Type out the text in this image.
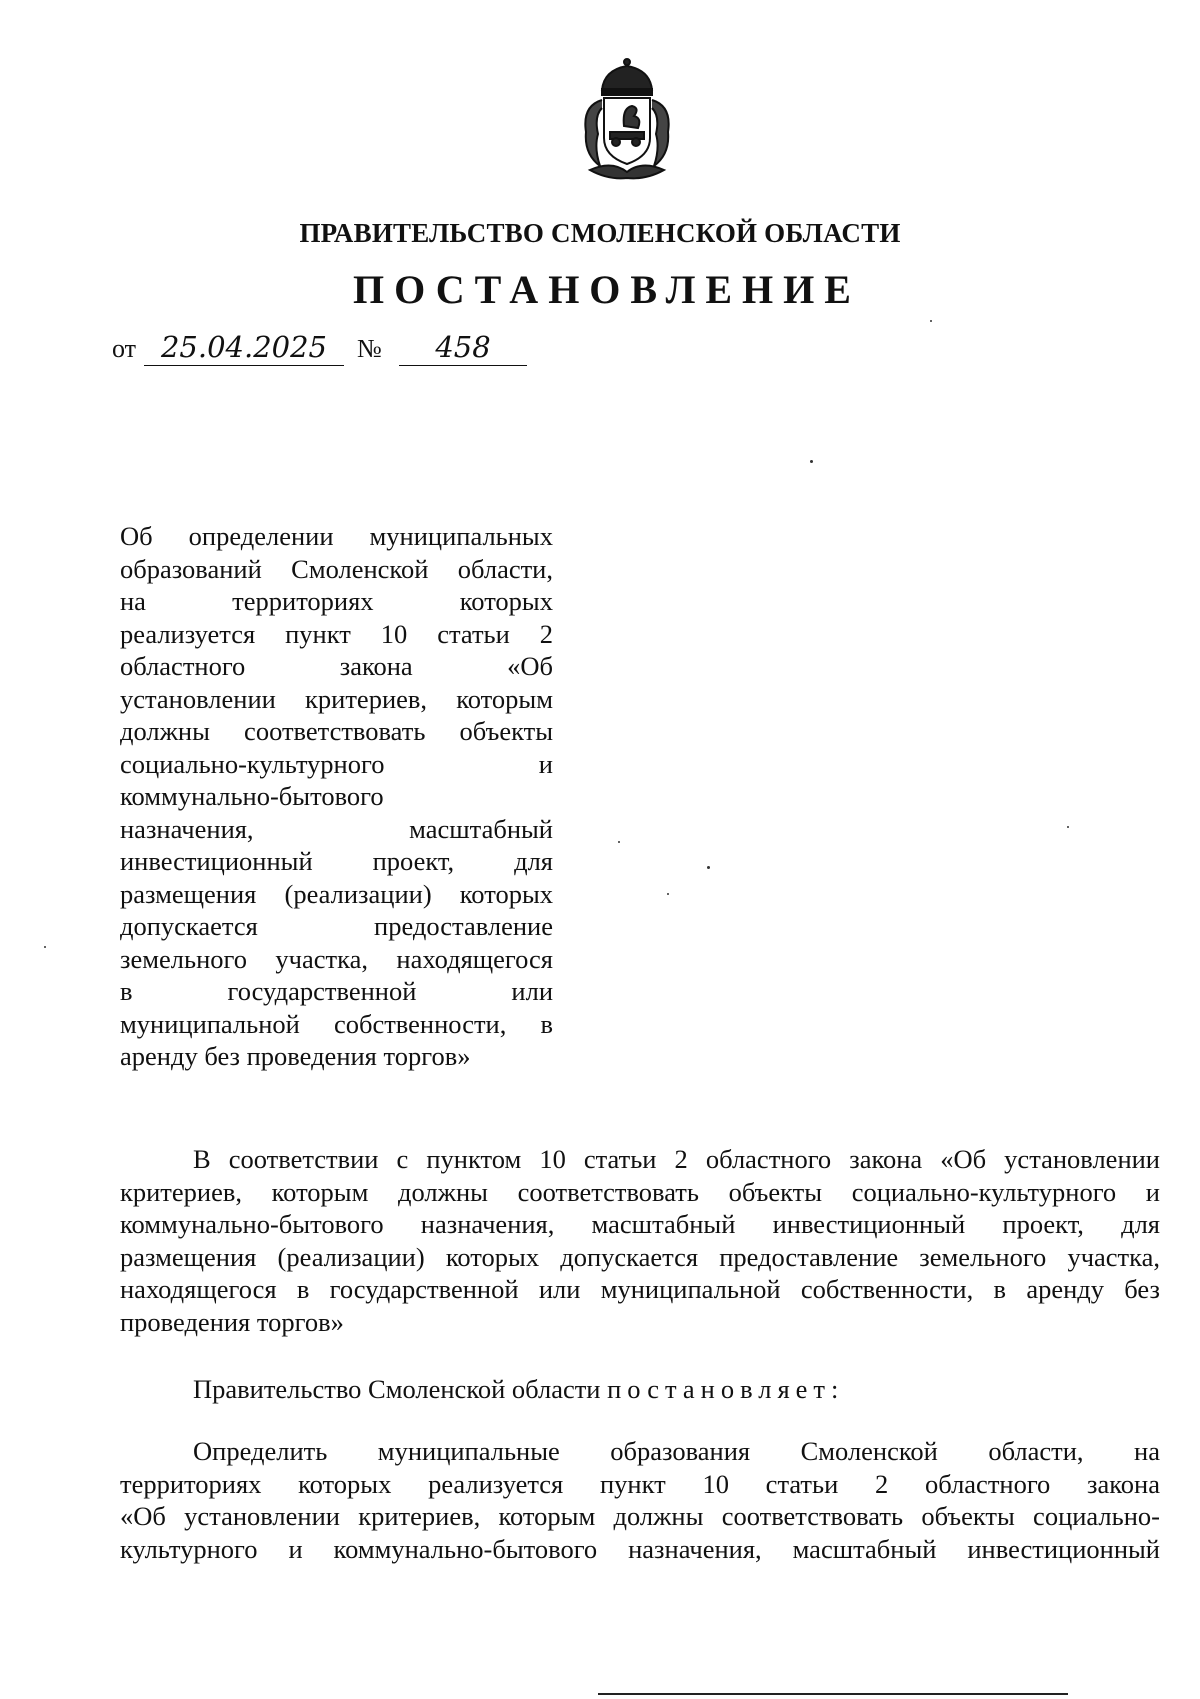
ПРАВИТЕЛЬСТВО СМОЛЕНСКОЙ ОБЛАСТИ
ПОСТАНОВЛЕНИЕ
от 25.04.2025	№	458
Об определении муниципальных
образований Смоленской области,
на территориях которых
реализуется пункт 10 статьи 2
областного закона «Об
установлении критериев, которым
должны соответствовать объекты
социально-культурного и
коммунально-бытового
назначения, масштабный
инвестиционный проект, для
размещения (реализации) которых
допускается предоставление
земельного участка, находящегося
в государственной или
муниципальной собственности, в
аренду без проведения торгов»
В соответствии с пунктом 10 статьи 2 областного закона «Об установлении
критериев, которым должны соответствовать объекты социально-культурного и
коммунально-бытового назначения, масштабный инвестиционный проект, для
размещения (реализации) которых допускается предоставление земельного участка,
находящегося в государственной или муниципальной собственности, в аренду без
проведения торгов»
Правительство Смоленской области постановляет:
Определить муниципальные образования Смоленской области, на
территориях которых реализуется пункт 10 статьи 2 областного закона
«Об установлении критериев, которым должны соответствовать объекты социально-
культурного и коммунально-бытового назначения, масштабный инвестиционный
